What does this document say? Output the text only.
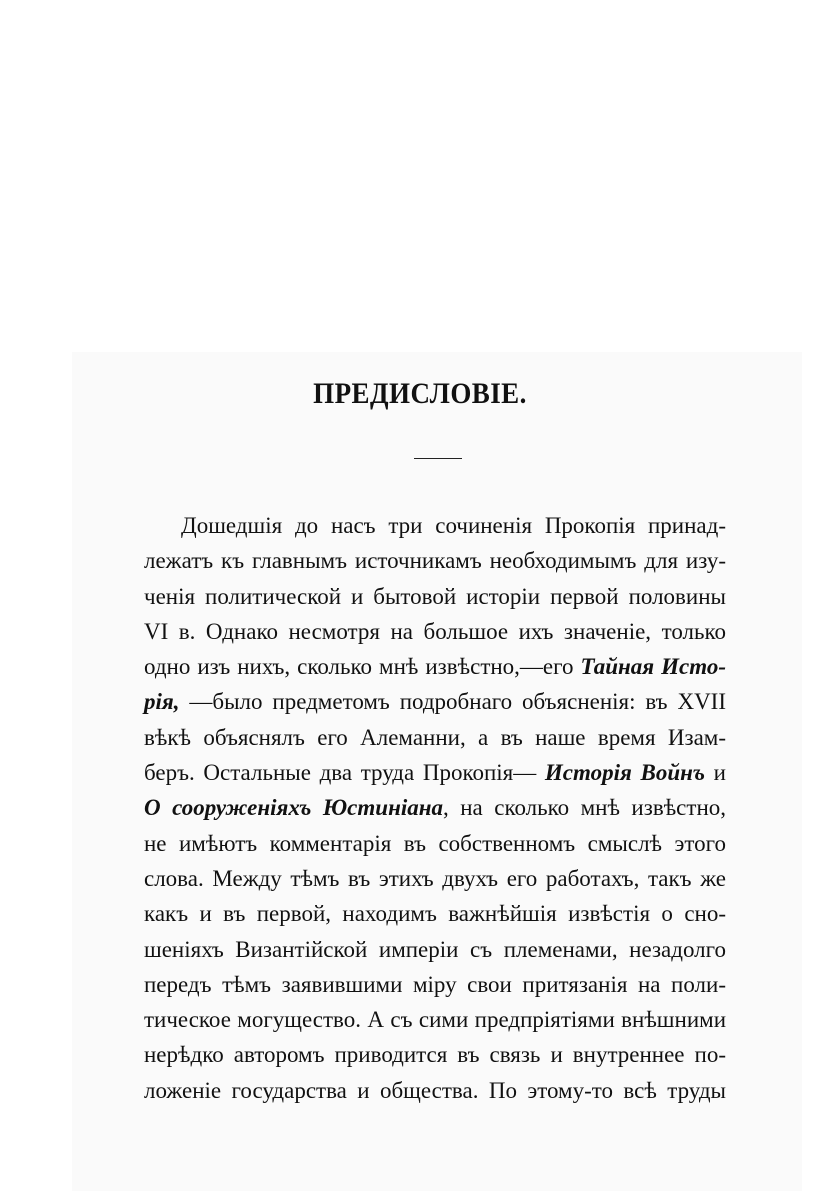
ПРЕДИСЛОВІЕ.
Дошедшія до насъ три сочиненія Прокопія принад-
лежатъ къ главнымъ источникамъ необходимымъ для изу-
ченія политической и бытовой исторіи первой половины
VI в. Однако несмотря на большое ихъ значеніе, только
одно изъ нихъ, сколько мнѣ извѣстно,—его Тайная Исто-
рія, —было предметомъ подробнаго объясненія: въ XVII
вѣкѣ объяснялъ его Алеманни, а въ наше время Изам-
беръ. Остальные два труда Прокопія— Исторія Войнъ и
О сооруженіяхъ Юстиніана, на сколько мнѣ извѣстно,
не имѣютъ комментарія въ собственномъ смыслѣ этого
слова. Между тѣмъ въ этихъ двухъ его работахъ, такъ же
какъ и въ первой, находимъ важнѣйшія извѣстія о сно-
шеніяхъ Византійской имперіи съ племенами, незадолго
передъ тѣмъ заявившими міру свои притязанія на поли-
тическое могущество. А съ сими предпріятіями внѣшними
нерѣдко авторомъ приводится въ связь и внутреннее по-
ложеніе государства и общества. По этому-то всѣ труды
